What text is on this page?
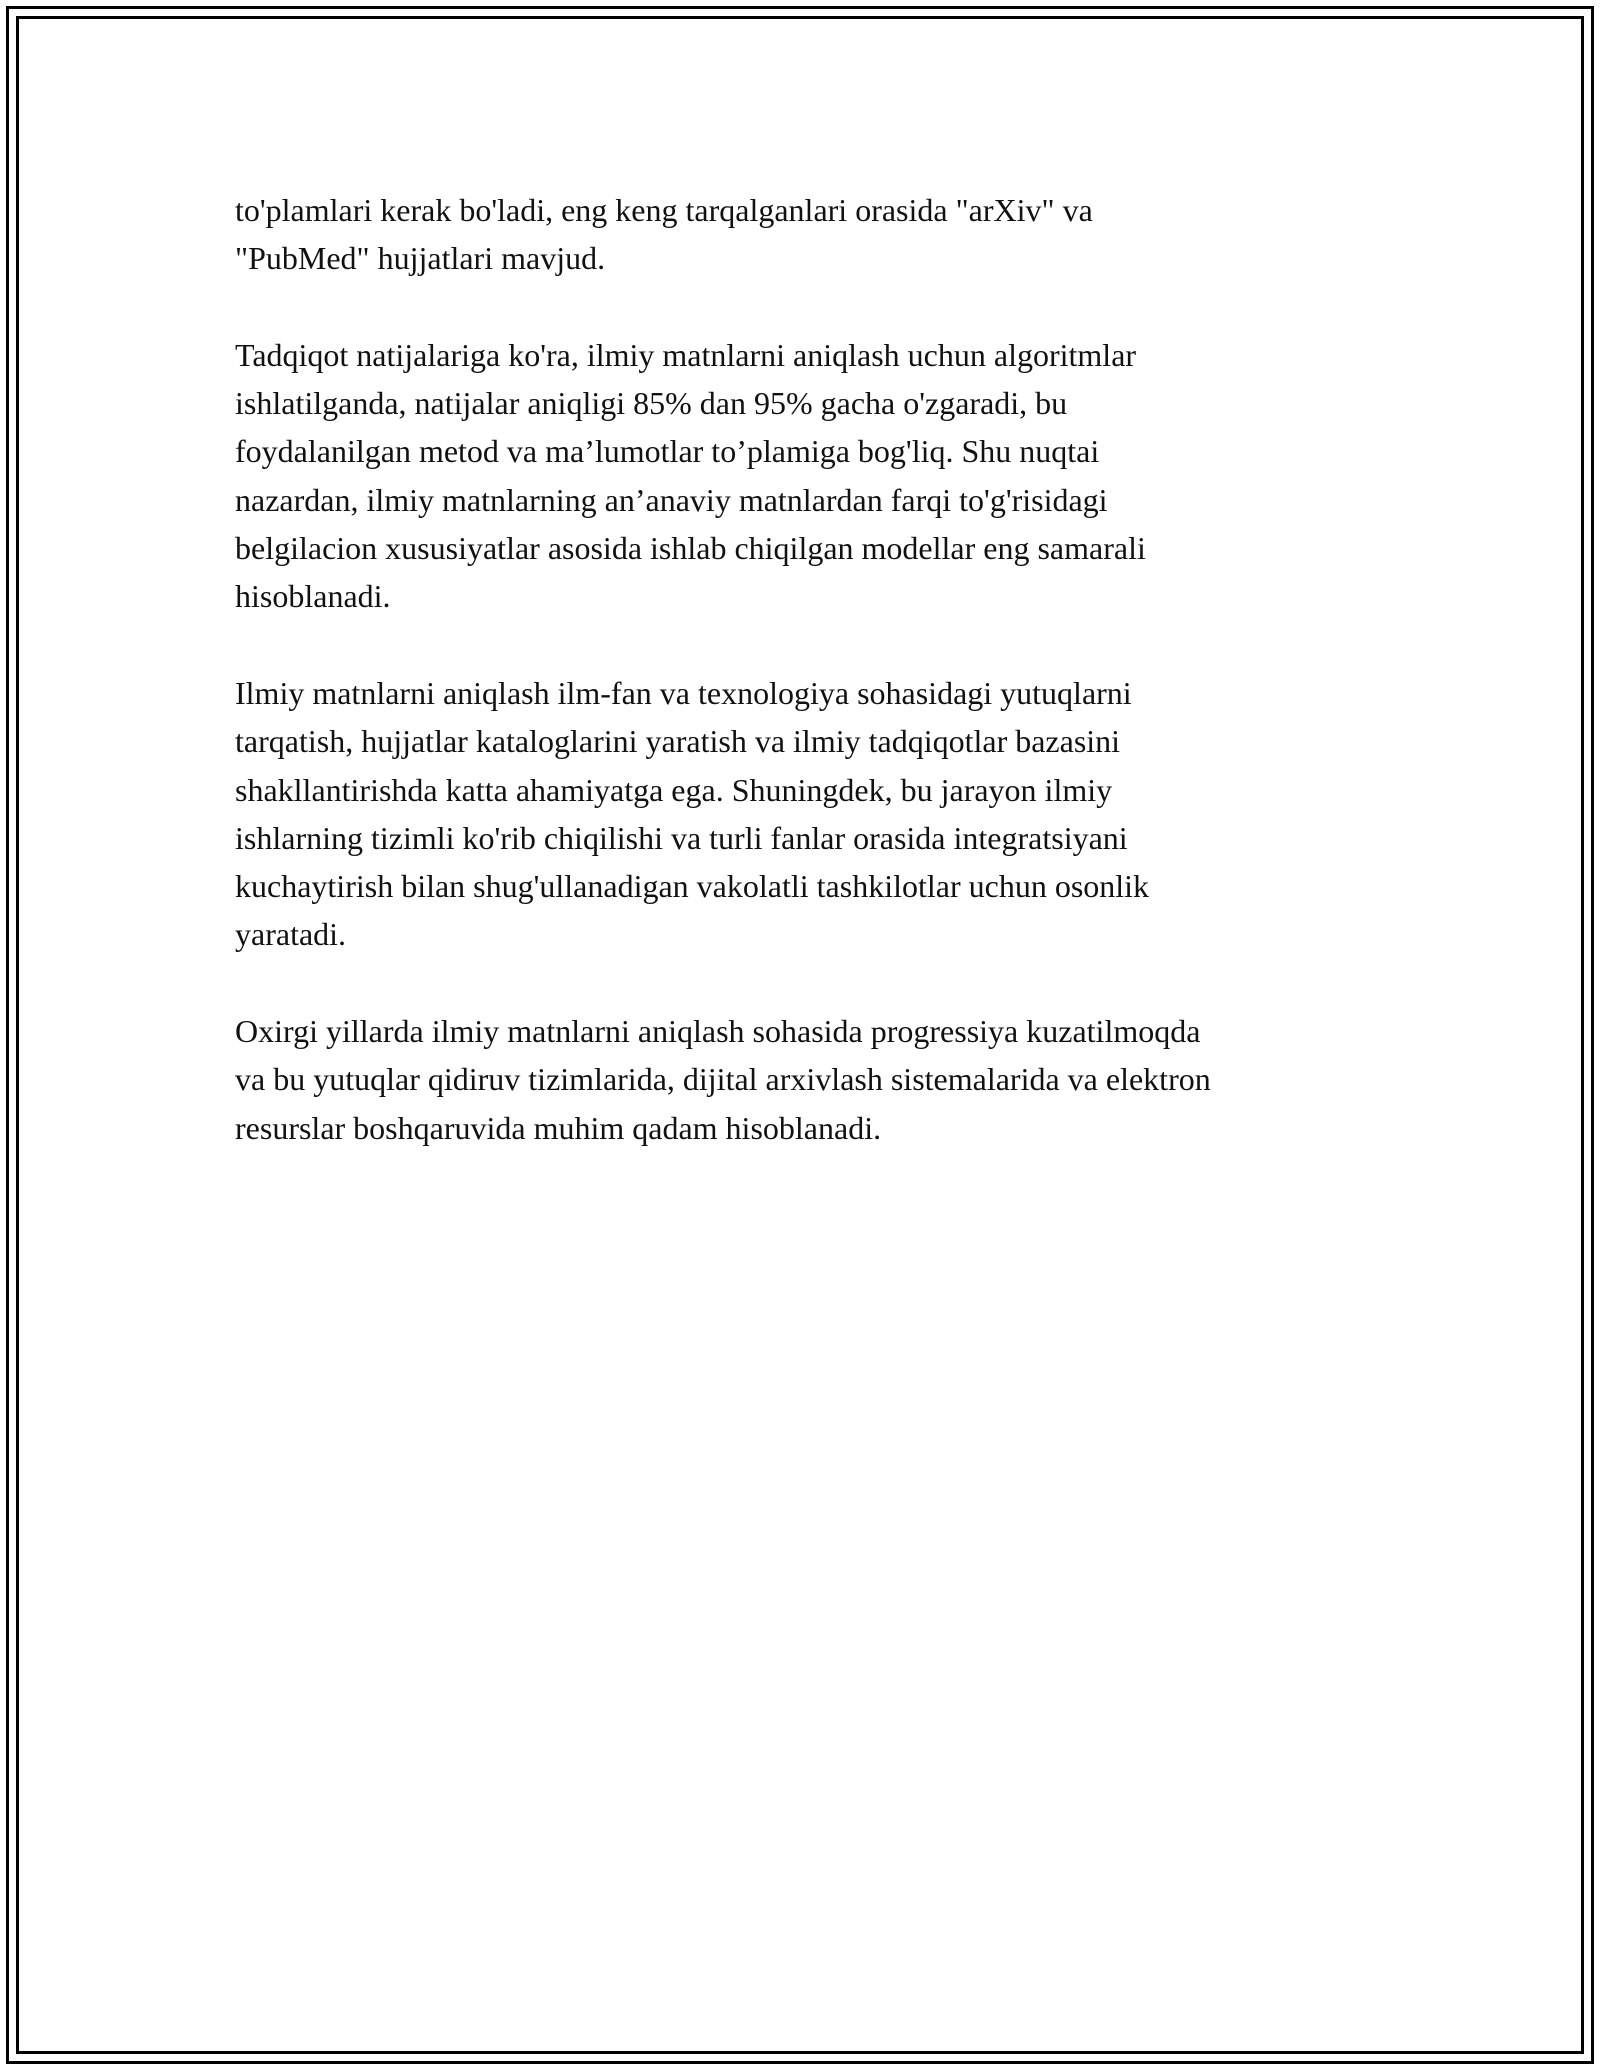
to'plamlari kerak bo'ladi, eng keng tarqalganlari orasida "arXiv" va
"PubMed" hujjatlari mavjud.

Tadqiqot natijalariga ko'ra, ilmiy matnlarni aniqlash uchun algoritmlar
ishlatilganda, natijalar aniqligi 85% dan 95% gacha o'zgaradi, bu
foydalanilgan metod va ma’lumotlar to’plamiga bog'liq. Shu nuqtai
nazardan, ilmiy matnlarning an’anaviy matnlardan farqi to'g'risidagi
belgilacion xususiyatlar asosida ishlab chiqilgan modellar eng samarali
hisoblanadi.

Ilmiy matnlarni aniqlash ilm-fan va texnologiya sohasidagi yutuqlarni
tarqatish, hujjatlar kataloglarini yaratish va ilmiy tadqiqotlar bazasini
shakllantirishda katta ahamiyatga ega. Shuningdek, bu jarayon ilmiy
ishlarning tizimli ko'rib chiqilishi va turli fanlar orasida integratsiyani
kuchaytirish bilan shug'ullanadigan vakolatli tashkilotlar uchun osonlik
yaratadi.

Oxirgi yillarda ilmiy matnlarni aniqlash sohasida progressiya kuzatilmoqda
va bu yutuqlar qidiruv tizimlarida, dijital arxivlash sistemalarida va elektron
resurslar boshqaruvida muhim qadam hisoblanadi.
